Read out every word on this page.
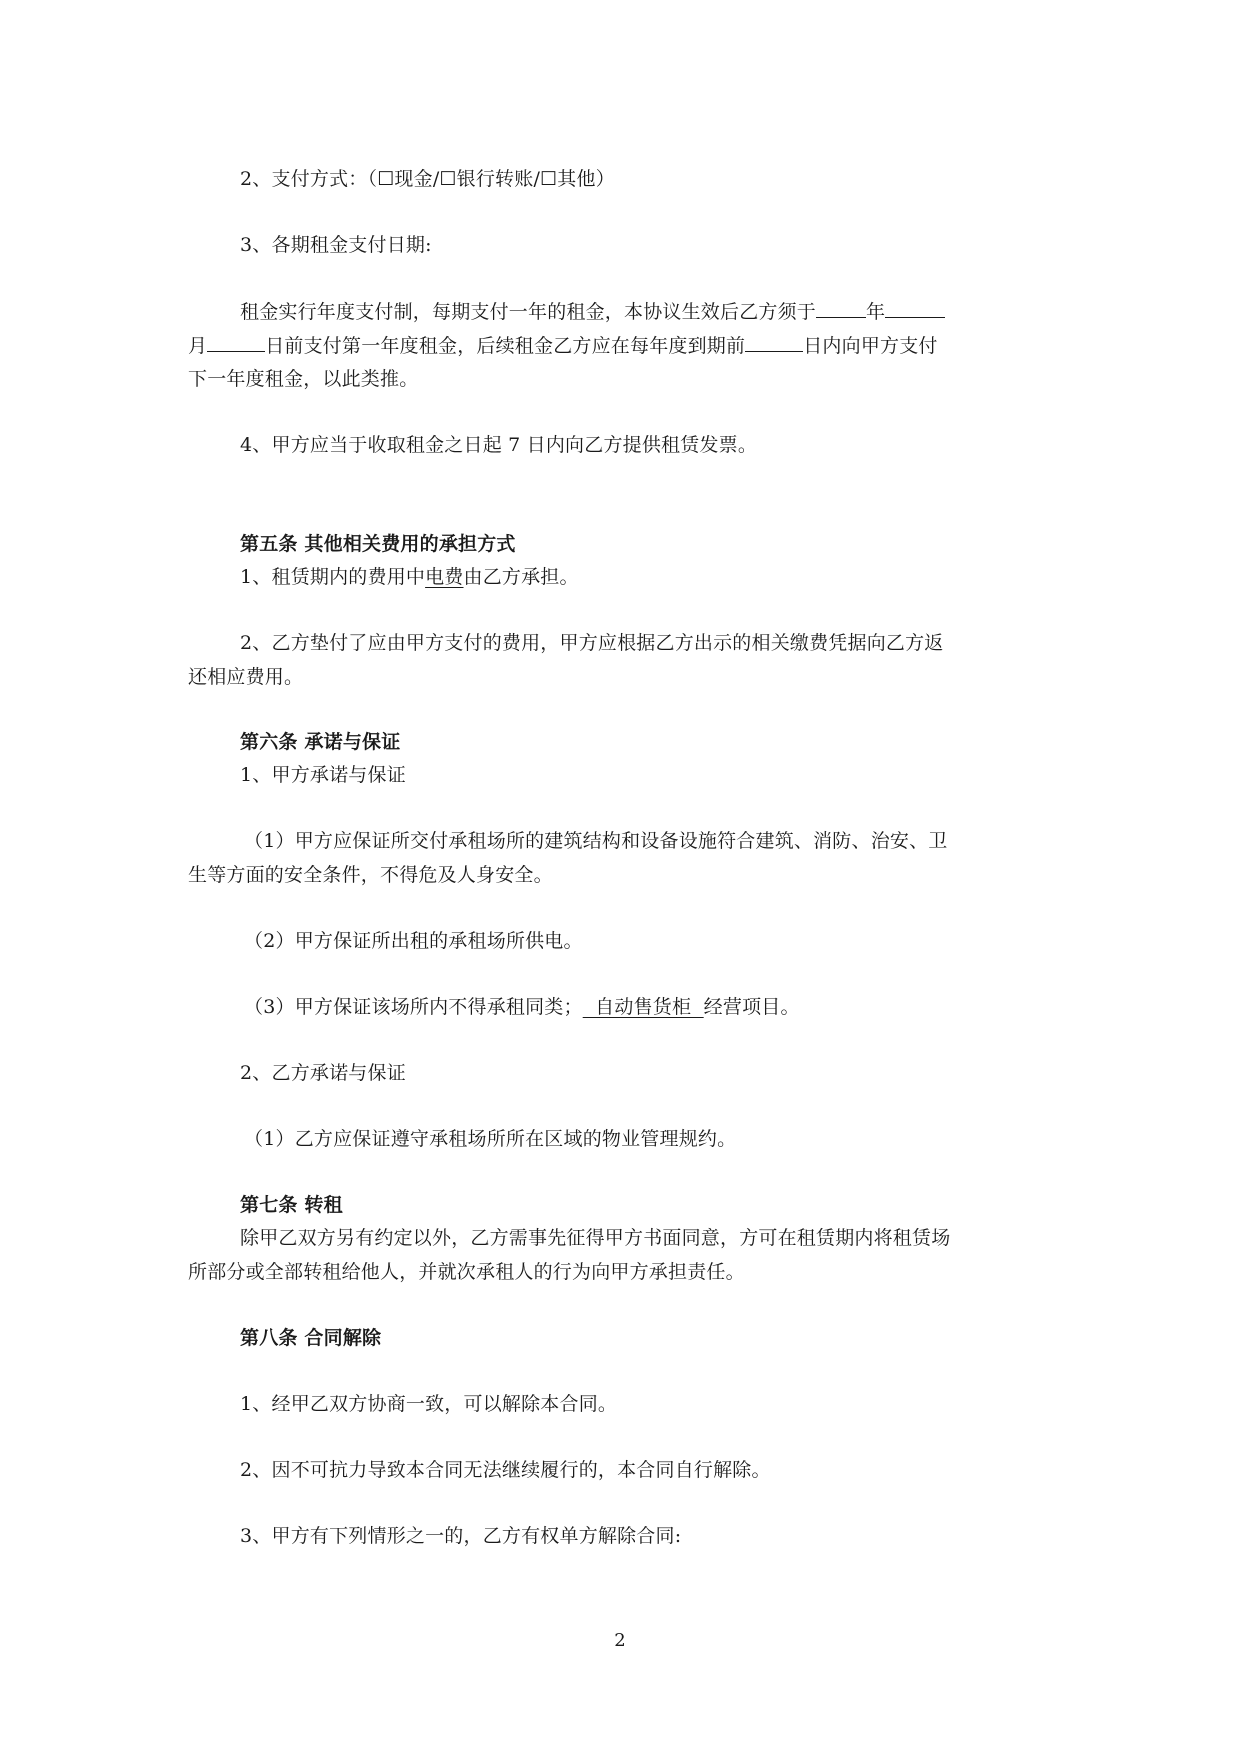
2、支付方式：（☐现金/☐银行转账/☐其他）
3、各期租金支付日期:
租金实行年度支付制，每期支付一年的租金，本协议生效后乙方须于	年
月	日前支付第一年度租金，后续租金乙方应在每年度到期前	日内向甲方支付
下一年度租金，以此类推。
4、甲方应当于收取租金之日起 7 日内向乙方提供租赁发票。
第五条 其他相关费用的承担方式
1、租赁期内的费用中电费由乙方承担。
2、乙方垫付了应由甲方支付的费用，甲方应根据乙方出示的相关缴费凭据向乙方返
还相应费用。
第六条 承诺与保证
1、甲方承诺与保证
（1）甲方应保证所交付承租场所的建筑结构和设备设施符合建筑、消防、治安、卫
生等方面的安全条件，不得危及人身安全。
（2）甲方保证所出租的承租场所供电。
（3）甲方保证该场所内不得承租同类；  自动售货柜  经营项目。
2、乙方承诺与保证
（1）乙方应保证遵守承租场所所在区域的物业管理规约。
第七条 转租
除甲乙双方另有约定以外，乙方需事先征得甲方书面同意，方可在租赁期内将租赁场
所部分或全部转租给他人，并就次承租人的行为向甲方承担责任。
第八条 合同解除
1、经甲乙双方协商一致，可以解除本合同。
2、因不可抗力导致本合同无法继续履行的，本合同自行解除。
3、甲方有下列情形之一的，乙方有权单方解除合同:
2
